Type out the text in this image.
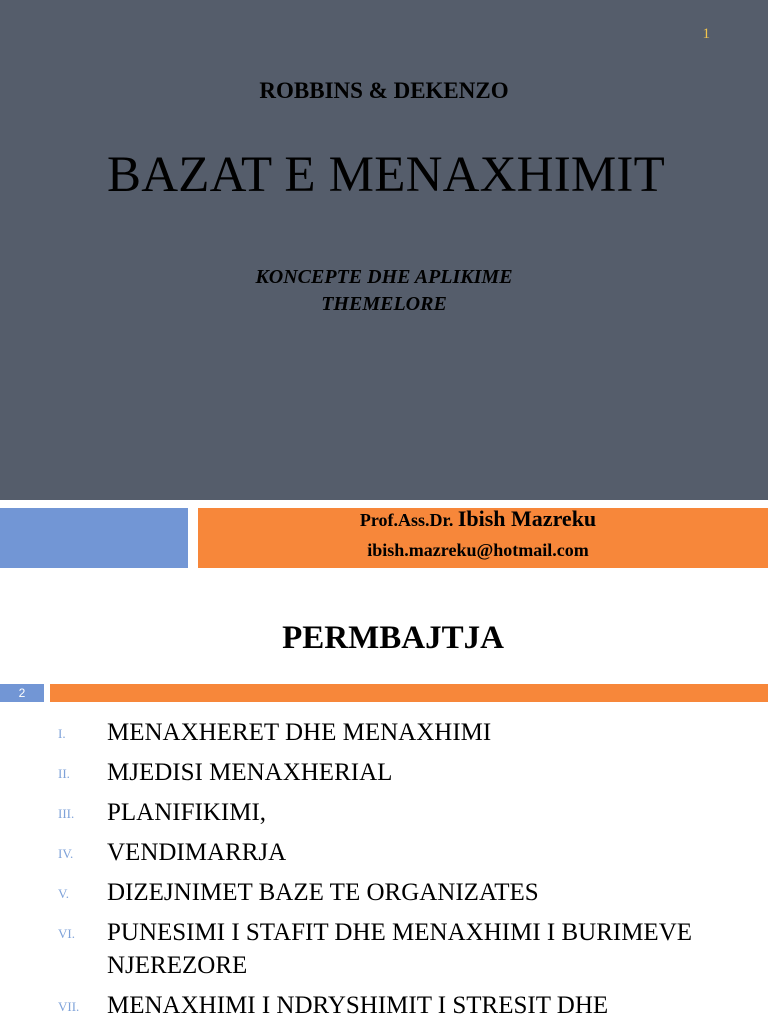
1
ROBBINS & DEKENZO
BAZAT E MENAXHIMIT
KONCEPTE DHE APLIKIME
THEMELORE
Prof.Ass.Dr. Ibish Mazreku
ibish.mazreku@hotmail.com
PERMBAJTJA
2
I. MENAXHERET DHE MENAXHIMI
II. MJEDISI MENAXHERIAL
III. PLANIFIKIMI,
IV. VENDIMARRJA
V. DIZEJNIMET BAZE TE ORGANIZATES
VI. PUNESIMI I STAFIT DHE MENAXHIMI I BURIMEVE NJEREZORE
VII. MENAXHIMI I NDRYSHIMIT I STRESIT DHE
